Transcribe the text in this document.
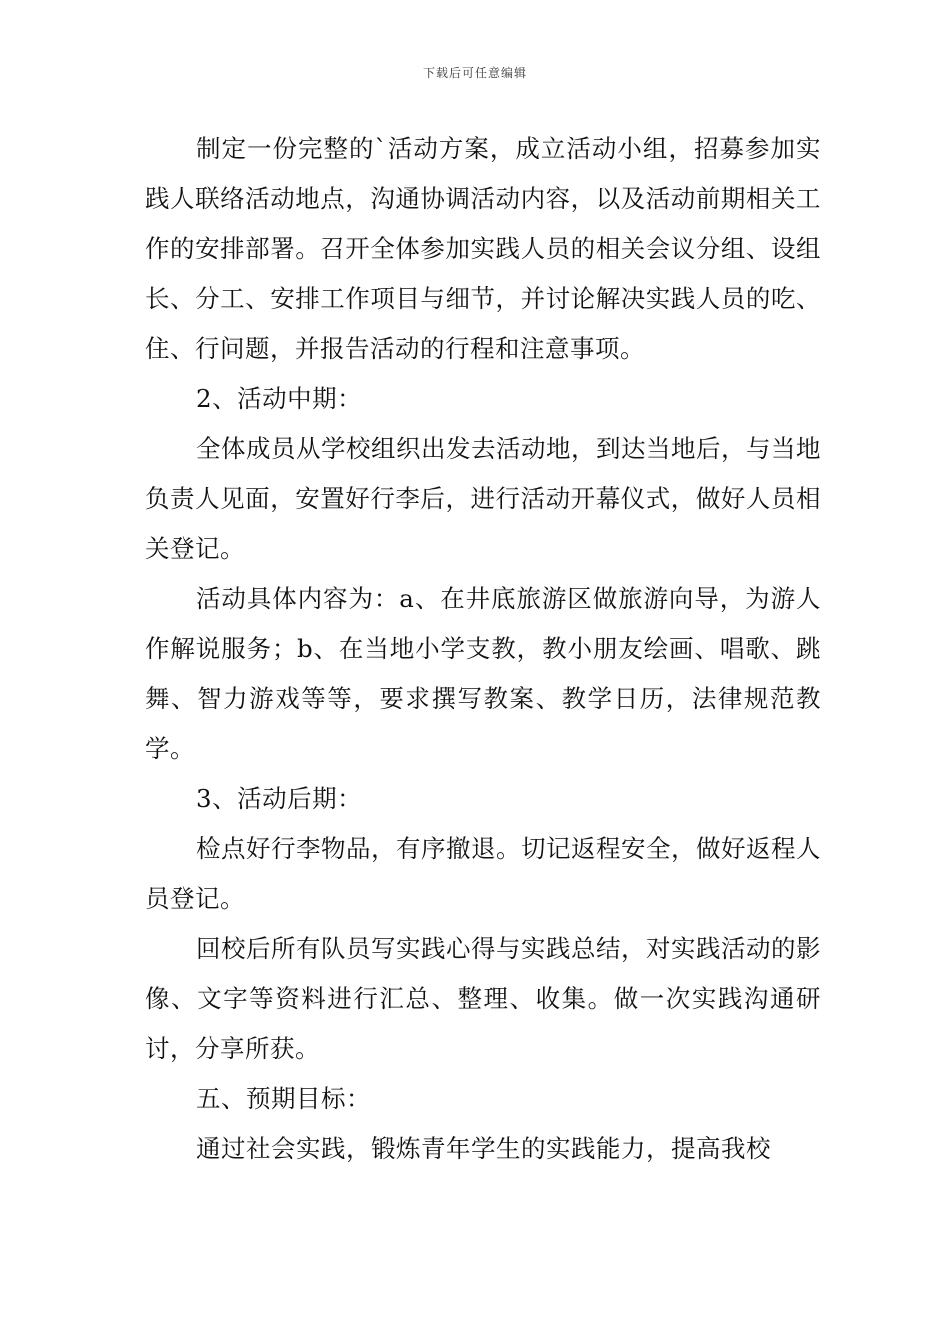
下载后可任意编辑

制定一份完整的`活动方案，成立活动小组，招募参加实践人联络活动地点，沟通协调活动内容，以及活动前期相关工作的安排部署。召开全体参加实践人员的相关会议分组、设组长、分工、安排工作项目与细节，并讨论解决实践人员的吃、住、行问题，并报告活动的行程和注意事项。

2、活动中期：

全体成员从学校组织出发去活动地，到达当地后，与当地负责人见面，安置好行李后，进行活动开幕仪式，做好人员相关登记。

活动具体内容为：a、在井底旅游区做旅游向导，为游人作解说服务；b、在当地小学支教，教小朋友绘画、唱歌、跳舞、智力游戏等等，要求撰写教案、教学日历，法律规范教学。

3、活动后期：

检点好行李物品，有序撤退。切记返程安全，做好返程人员登记。

回校后所有队员写实践心得与实践总结，对实践活动的影像、文字等资料进行汇总、整理、收集。做一次实践沟通研讨，分享所获。

五、预期目标：

通过社会实践，锻炼青年学生的实践能力，提高我校
